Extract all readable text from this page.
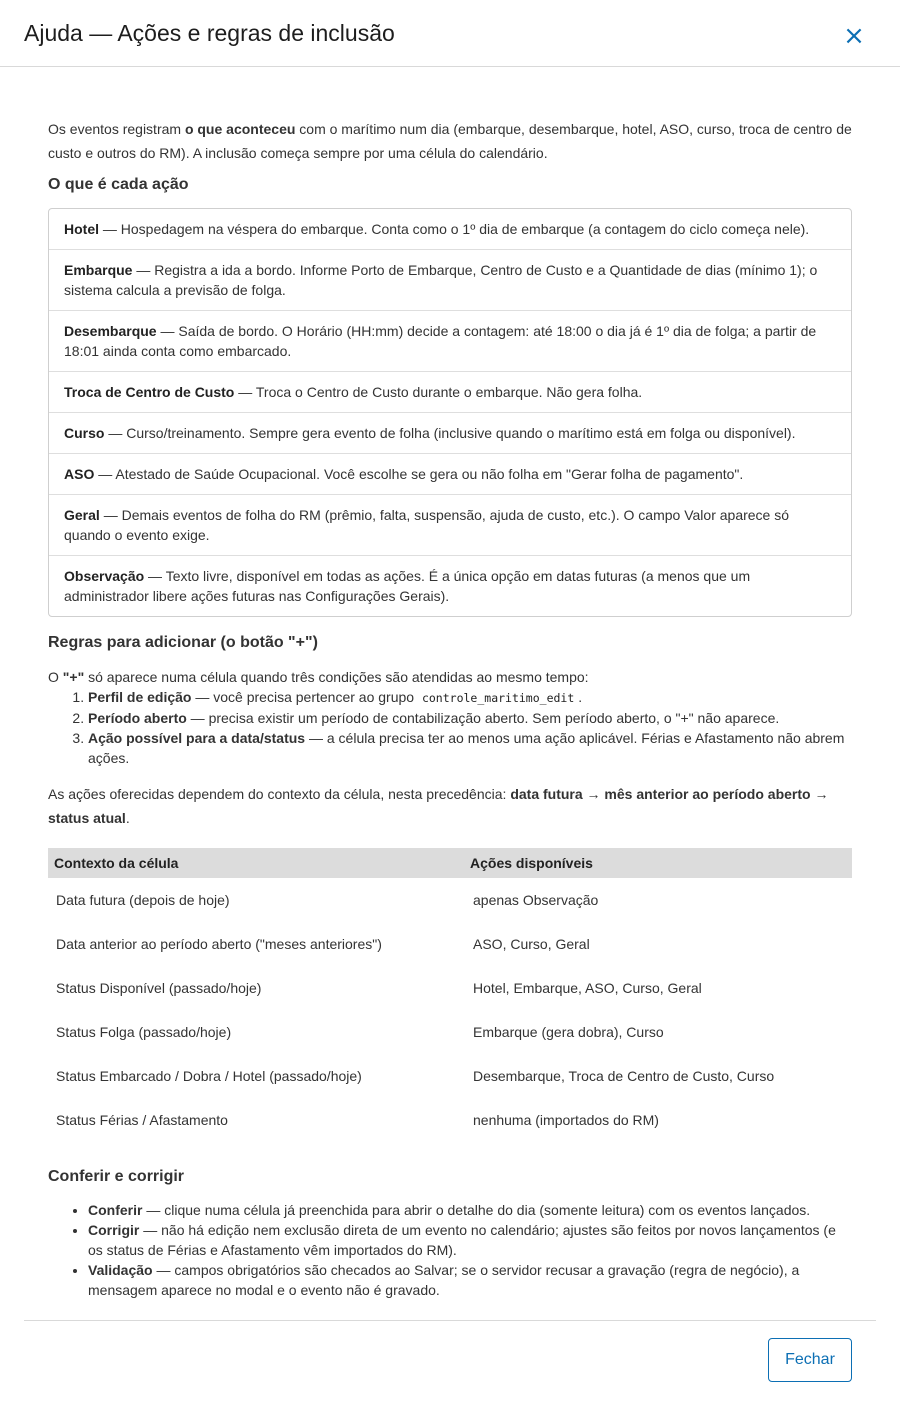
Ajuda — Ações e regras de inclusão	×

Os eventos registram o que aconteceu com o marítimo num dia (embarque, desembarque, hotel, ASO, curso, troca de centro de custo e outros do RM). A inclusão começa sempre por uma célula do calendário.

O que é cada ação
Hotel — Hospedagem na véspera do embarque. Conta como o 1º dia de embarque (a contagem do ciclo começa nele).
Embarque — Registra a ida a bordo. Informe Porto de Embarque, Centro de Custo e a Quantidade de dias (mínimo 1); o sistema calcula a previsão de folga.
Desembarque — Saída de bordo. O Horário (HH:mm) decide a contagem: até 18:00 o dia já é 1º dia de folga; a partir de 18:01 ainda conta como embarcado.
Troca de Centro de Custo — Troca o Centro de Custo durante o embarque. Não gera folha.
Curso — Curso/treinamento. Sempre gera evento de folha (inclusive quando o marítimo está em folga ou disponível).
ASO — Atestado de Saúde Ocupacional. Você escolhe se gera ou não folha em "Gerar folha de pagamento".
Geral — Demais eventos de folha do RM (prêmio, falta, suspensão, ajuda de custo, etc.). O campo Valor aparece só quando o evento exige.
Observação — Texto livre, disponível em todas as ações. É a única opção em datas futuras (a menos que um administrador libere ações futuras nas Configurações Gerais).
Regras para adicionar (o botão "+")
O "+" só aparece numa célula quando três condições são atendidas ao mesmo tempo:
1. Perfil de edição — você precisa pertencer ao grupo controle_maritimo_edit .
2. Período aberto — precisa existir um período de contabilização aberto. Sem período aberto, o "+" não aparece.
3. Ação possível para a data/status — a célula precisa ter ao menos uma ação aplicável. Férias e Afastamento não abrem ações.

As ações oferecidas dependem do contexto da célula, nesta precedência: data futura → mês anterior ao período aberto → status atual.

Contexto da célula	Ações disponíveis
Data futura (depois de hoje)	apenas Observação
Data anterior ao período aberto ("meses anteriores")	ASO, Curso, Geral
Status Disponível (passado/hoje)	Hotel, Embarque, ASO, Curso, Geral
Status Folga (passado/hoje)	Embarque (gera dobra), Curso
Status Embarcado / Dobra / Hotel (passado/hoje)	Desembarque, Troca de Centro de Custo, Curso
Status Férias / Afastamento	nenhuma (importados do RM)
Conferir e corrigir
• Conferir — clique numa célula já preenchida para abrir o detalhe do dia (somente leitura) com os eventos lançados.
• Corrigir — não há edição nem exclusão direta de um evento no calendário; ajustes são feitos por novos lançamentos (e os status de Férias e Afastamento vêm importados do RM).
• Validação — campos obrigatórios são checados ao Salvar; se o servidor recusar a gravação (regra de negócio), a mensagem aparece no modal e o evento não é gravado.
Fechar
